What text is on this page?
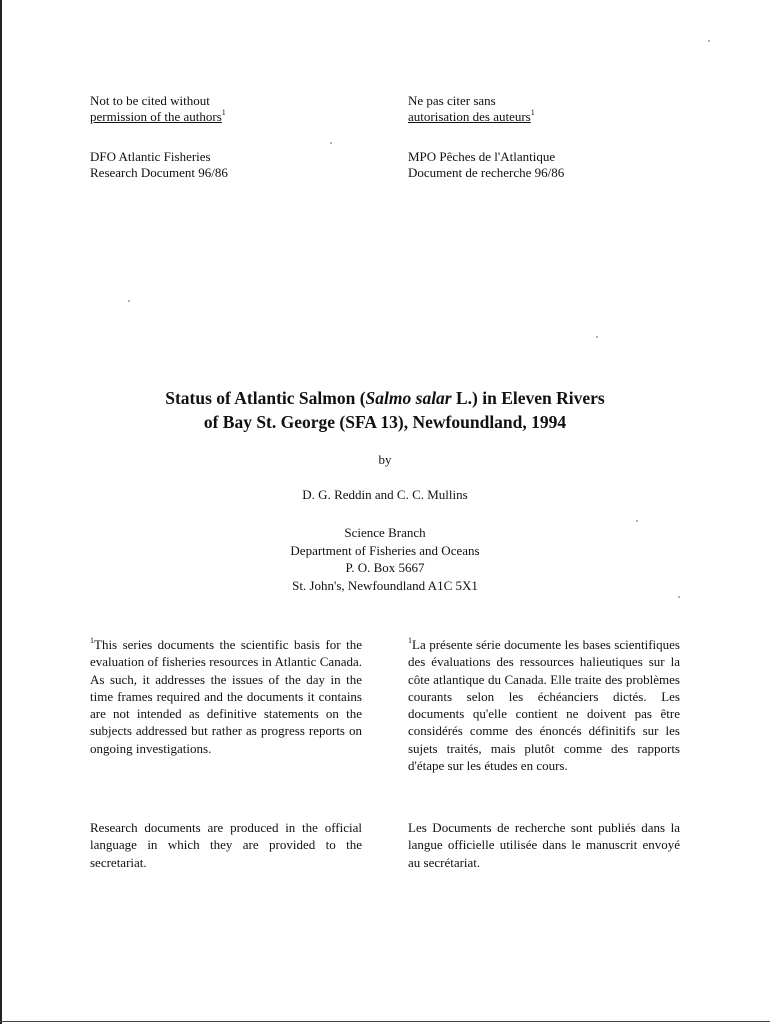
Not to be cited without
permission of the authors$^1$
Ne pas citer sans
autorisation des auteurs$^1$
DFO Atlantic Fisheries
Research Document 96/86
MPO Pêches de l'Atlantique
Document de recherche 96/86
Status of Atlantic Salmon (Salmo salar L.) in Eleven Rivers
of Bay St. George (SFA 13), Newfoundland, 1994
by
D. G. Reddin and C. C. Mullins
Science Branch
Department of Fisheries and Oceans
P. O. Box 5667
St. John's, Newfoundland A1C 5X1
$^1$This series documents the scientific basis for the evaluation of fisheries resources in Atlantic Canada. As such, it addresses the issues of the day in the time frames required and the documents it contains are not intended as definitive statements on the subjects addressed but rather as progress reports on ongoing investigations.
$^1$La présente série documente les bases scientifiques des évaluations des ressources halieutiques sur la côte atlantique du Canada. Elle traite des problèmes courants selon les échéanciers dictés. Les documents qu'elle contient ne doivent pas être considérés comme des énoncés définitifs sur les sujets traités, mais plutôt comme des rapports d'étape sur les études en cours.
Research documents are produced in the official language in which they are provided to the secretariat.
Les Documents de recherche sont publiés dans la langue officielle utilisée dans le manuscrit envoyé au secrétariat.
